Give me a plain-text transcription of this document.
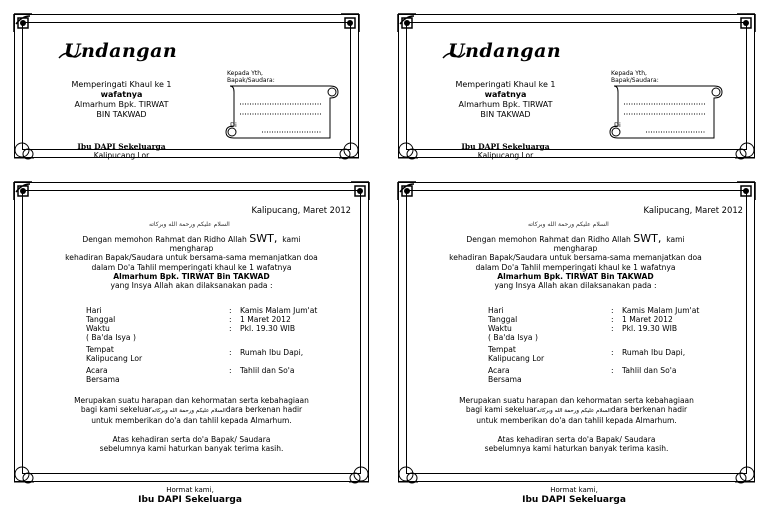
Undangan
Memperingati Khaul ke 1
wafatnya
Almarhum Bpk. TIRWAT
BIN TAKWAD
Ibu DAPI Sekeluarga
Kalipucang Lor
Kepada Yth,
Bapak/Saudara:
Di
Undangan
Memperingati Khaul ke 1
wafatnya
Almarhum Bpk. TIRWAT
BIN TAKWAD
Ibu DAPI Sekeluarga
Kalipucang Lor
Kepada Yth,
Bapak/Saudara:
Di
Kalipucang, Maret 2012
السلام عليكم ورحمة الله وبركاته
Dengan memohon Rahmat dan Ridho Allah SWT, kami
mengharap
kehadiran Bapak/Saudara untuk bersama-sama memanjatkan doa
dalam Do'a Tahlil memperingati khaul ke 1 wafatnya
Almarhum Bpk. TIRWAT Bin TAKWAD
yang Insya Allah akan dilaksanakan pada :
Hari
Tanggal
Waktu
( Ba'da Isya )
Tempat
Kalipucang Lor
Acara
Bersama
:
:
:
:
:
Kamis Malam Jum'at
1 Maret 2012
Pkl. 19.30 WIB
Rumah Ibu Dapi,
Tahlil dan So'a
Merupakan suatu harapan dan kehormatan serta kebahagiaan
bagi kami sekeluarالسلام عليكم ورحمة الله وبركاتهdara berkenan hadir
untuk memberikan do'a dan tahlil kepada Almarhum.
Atas kehadiran serta do'a Bapak/ Saudara
sebelumnya kami haturkan banyak terima kasih.
Hormat kami,
Ibu DAPI Sekeluarga
Kalipucang, Maret 2012
السلام عليكم ورحمة الله وبركاته
Dengan memohon Rahmat dan Ridho Allah SWT, kami
mengharap
kehadiran Bapak/Saudara untuk bersama-sama memanjatkan doa
dalam Do'a Tahlil memperingati khaul ke 1 wafatnya
Almarhum Bpk. TIRWAT Bin TAKWAD
yang Insya Allah akan dilaksanakan pada :
Hari
Tanggal
Waktu
( Ba'da Isya )
Tempat
Kalipucang Lor
Acara
Bersama
:
:
:
:
:
Kamis Malam Jum'at
1 Maret 2012
Pkl. 19.30 WIB
Rumah Ibu Dapi,
Tahlil dan So'a
Merupakan suatu harapan dan kehormatan serta kebahagiaan
bagi kami sekeluarالسلام عليكم ورحمة الله وبركاتهdara berkenan hadir
untuk memberikan do'a dan tahlil kepada Almarhum.
Atas kehadiran serta do'a Bapak/ Saudara
sebelumnya kami haturkan banyak terima kasih.
Hormat kami,
Ibu DAPI Sekeluarga
